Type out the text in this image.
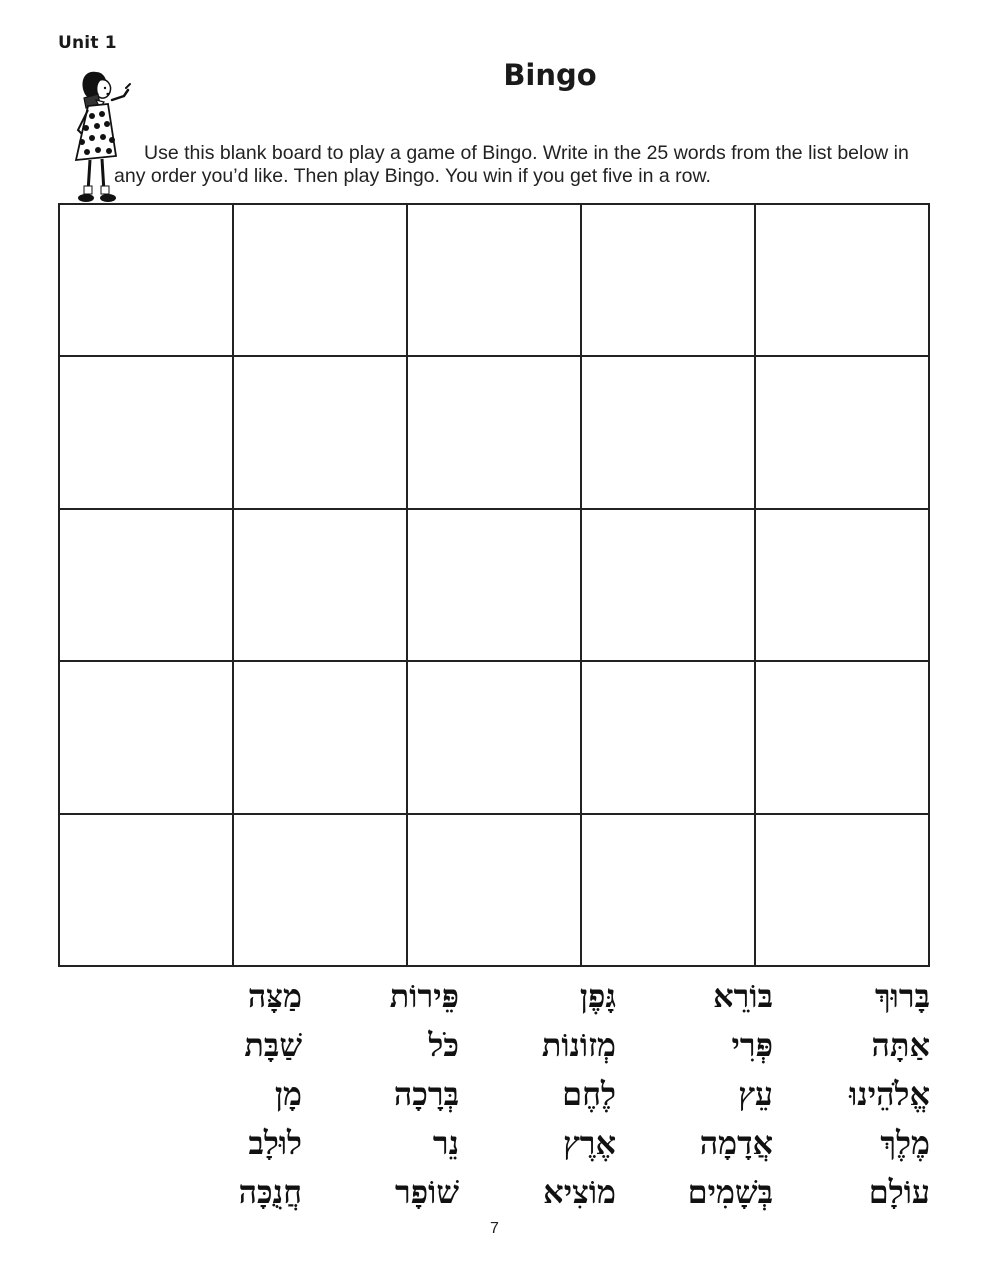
Unit 1
Bingo
Use this blank board to play a game of Bingo. Write in the 25 words from the list below in any order you’d like. Then play Bingo. You win if you get five in a row.
בָּרוּךְ
בּוֹרֵא
גָּפֶן
פֵּירוֹת
מַצָּה
אַתָּה
פְּרִי
מְזוֹנוֹת
כֹּל
שַׁבָּת
אֱלֹהֵינוּ
עֵץ
לֶחֶם
בְּרָכָה
מָן
מֶלֶךְ
אֲדָמָה
אֶרֶץ
נֵר
לוּלָב
עוֹלָם
בְּשָׁמִים
מוֹצִיא
שׁוֹפָר
חֲנֻכָּה
7
